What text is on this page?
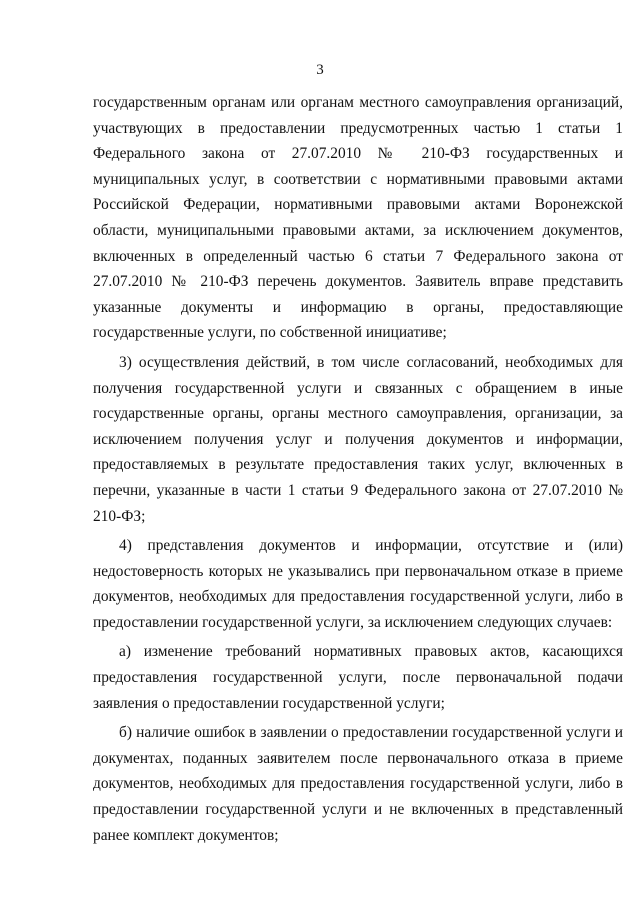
3

государственным органам или органам местного самоуправления организаций, участвующих в предоставлении предусмотренных частью 1 статьи 1 Федерального закона от 27.07.2010 № 210-ФЗ государственных и муниципальных услуг, в соответствии с нормативными правовыми актами Российской Федерации, нормативными правовыми актами Воронежской области, муниципальными правовыми актами, за исключением документов, включенных в определенный частью 6 статьи 7 Федерального закона от 27.07.2010 № 210-ФЗ перечень документов. Заявитель вправе представить указанные документы и информацию в органы, предоставляющие государственные услуги, по собственной инициативе;

3) осуществления действий, в том числе согласований, необходимых для получения государственной услуги и связанных с обращением в иные государственные органы, органы местного самоуправления, организации, за исключением получения услуг и получения документов и информации, предоставляемых в результате предоставления таких услуг, включенных в перечни, указанные в части 1 статьи 9 Федерального закона от 27.07.2010 № 210-ФЗ;

4) представления документов и информации, отсутствие и (или) недостоверность которых не указывались при первоначальном отказе в приеме документов, необходимых для предоставления государственной услуги, либо в предоставлении государственной услуги, за исключением следующих случаев:

а) изменение требований нормативных правовых актов, касающихся предоставления государственной услуги, после первоначальной подачи заявления о предоставлении государственной услуги;

б) наличие ошибок в заявлении о предоставлении государственной услуги и документах, поданных заявителем после первоначального отказа в приеме документов, необходимых для предоставления государственной услуги, либо в предоставлении государственной услуги и не включенных в представленный ранее комплект документов;
